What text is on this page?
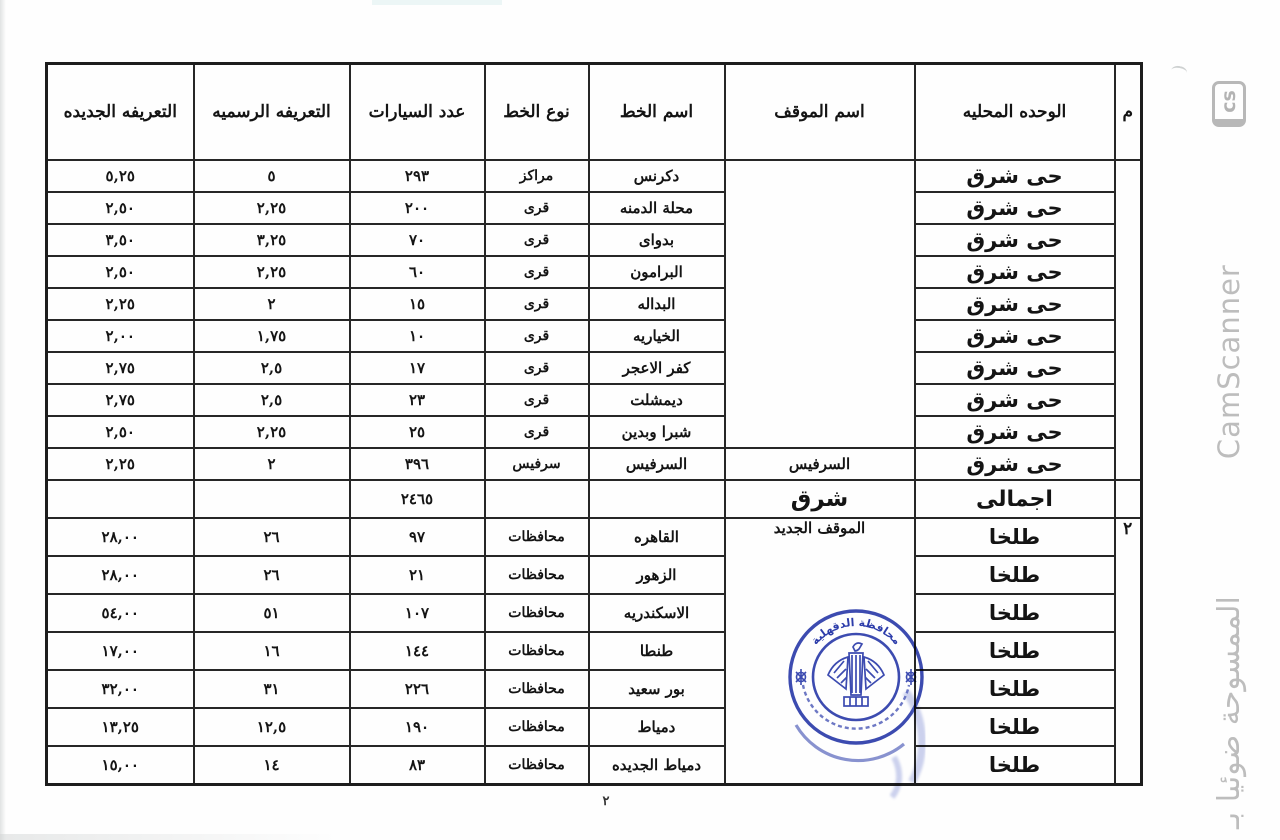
م	الوحده المحليه	اسم الموقف	اسم الخط	نوع الخط	عدد السيارات	التعريفه الرسميه	التعريفه الجديده
	حى شرق		دكرنس	مراكز	٢٩٣	٥	٥,٢٥
	حى شرق		محلة الدمنه	قرى	٢٠٠	٢,٢٥	٢,٥٠
	حى شرق		بدواى	قرى	٧٠	٣,٢٥	٣,٥٠
	حى شرق		البرامون	قرى	٦٠	٢,٢٥	٢,٥٠
	حى شرق		البداله	قرى	١٥	٢	٢,٢٥
	حى شرق		الخياريه	قرى	١٠	١,٧٥	٢,٠٠
	حى شرق		كفر الاعجر	قرى	١٧	٢,٥	٢,٧٥
	حى شرق		ديمشلت	قرى	٢٣	٢,٥	٢,٧٥
	حى شرق		شبرا وبدين	قرى	٢٥	٢,٢٥	٢,٥٠
	حى شرق	السرفيس	السرفيس	سرفيس	٣٩٦	٢	٢,٢٥
	اجمالى	شرق			٢٤٦٥		
٢	طلخا	الموقف الجديد	القاهره	محافظات	٩٧	٢٦	٢٨,٠٠
	طلخا		الزهور	محافظات	٢١	٢٦	٢٨,٠٠
	طلخا		الاسكندريه	محافظات	١٠٧	٥١	٥٤,٠٠
	طلخا		طنطا	محافظات	١٤٤	١٦	١٧,٠٠
	طلخا		بور سعيد	محافظات	٢٢٦	٣١	٣٢,٠٠
	طلخا		دمياط	محافظات	١٩٠	١٢,٥	١٣,٢٥
	طلخا		دمياط الجديده	محافظات	٨٣	١٤	١٥,٠٠
محافظة الدقهلية
٢	الممسوحة ضوئيا بـ
CamScanner
cs
